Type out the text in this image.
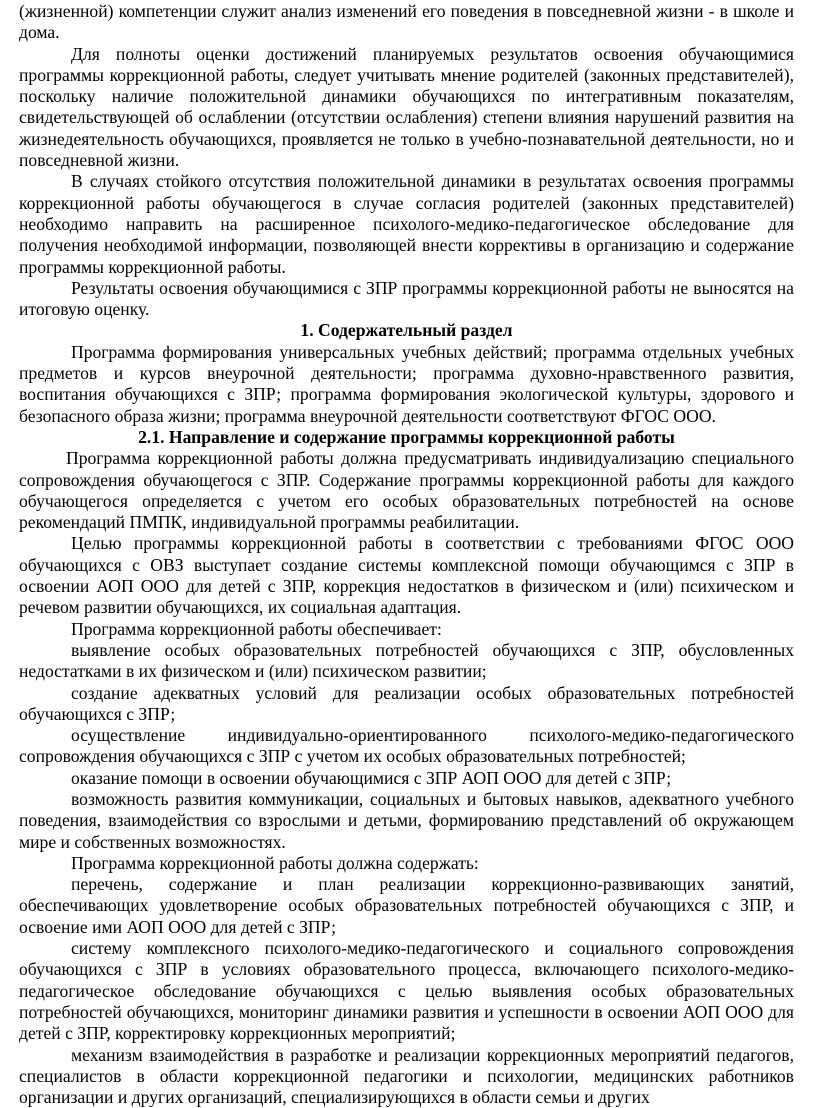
(жизненной) компетенции служит анализ изменений его поведения в повседневной жизни - в школе и дома.

Для полноты оценки достижений планируемых результатов освоения обучающимися программы коррекционной работы, следует учитывать мнение родителей (законных представителей), поскольку наличие положительной динамики обучающихся по интегративным показателям, свидетельствующей об ослаблении (отсутствии ослабления) степени влияния нарушений развития на жизнедеятельность обучающихся, проявляется не только в учебно-познавательной деятельности, но и повседневной жизни.

В случаях стойкого отсутствия положительной динамики в результатах освоения программы коррекционной работы обучающегося в случае согласия родителей (законных представителей) необходимо направить на расширенное психолого-медико-педагогическое обследование для получения необходимой информации, позволяющей внести коррективы в организацию и содержание программы коррекционной работы.

Результаты освоения обучающимися с ЗПР программы коррекционной работы не выносятся на итоговую оценку.

1. Содержательный раздел

Программа формирования универсальных учебных действий; программа отдельных учебных предметов и курсов внеурочной деятельности; программа духовно-нравственного развития, воспитания обучающихся с ЗПР; программа формирования экологической культуры, здорового и безопасного образа жизни; программа внеурочной деятельности соответствуют ФГОС ООО.

2.1. Направление и содержание программы коррекционной работы

Программа коррекционной работы должна предусматривать индивидуализацию специального сопровождения обучающегося с ЗПР. Содержание программы коррекционной работы для каждого обучающегося определяется с учетом его особых образовательных потребностей на основе рекомендаций ПМПК, индивидуальной программы реабилитации.

Целью программы коррекционной работы в соответствии с требованиями ФГОС ООО обучающихся с ОВЗ выступает создание системы комплексной помощи обучающимся с ЗПР в освоении АОП ООО для детей с ЗПР, коррекция недостатков в физическом и (или) психическом и речевом развитии обучающихся, их социальная адаптация.

Программа коррекционной работы обеспечивает:

выявление особых образовательных потребностей обучающихся с ЗПР, обусловленных недостатками в их физическом и (или) психическом развитии;

создание адекватных условий для реализации особых образовательных потребностей обучающихся с ЗПР;

осуществление индивидуально-ориентированного психолого-медико-педагогического сопровождения обучающихся с ЗПР с учетом их особых образовательных потребностей;

оказание помощи в освоении обучающимися с ЗПР АОП ООО для детей с ЗПР;

возможность развития коммуникации, социальных и бытовых навыков, адекватного учебного поведения, взаимодействия со взрослыми и детьми, формированию представлений об окружающем мире и собственных возможностях.

Программа коррекционной работы должна содержать:

перечень, содержание и план реализации коррекционно-развивающих занятий, обеспечивающих удовлетворение особых образовательных потребностей обучающихся с ЗПР, и освоение ими АОП ООО для детей с ЗПР;

систему комплексного психолого-медико-педагогического и социального сопровождения обучающихся с ЗПР в условиях образовательного процесса, включающего психолого-медико-педагогическое обследование обучающихся с целью выявления особых образовательных потребностей обучающихся, мониторинг динамики развития и успешности в освоении АОП ООО для детей с ЗПР, корректировку коррекционных мероприятий;

механизм взаимодействия в разработке и реализации коррекционных мероприятий педагогов, специалистов в области коррекционной педагогики и психологии, медицинских работников организации и других организаций, специализирующихся в области семьи и других
